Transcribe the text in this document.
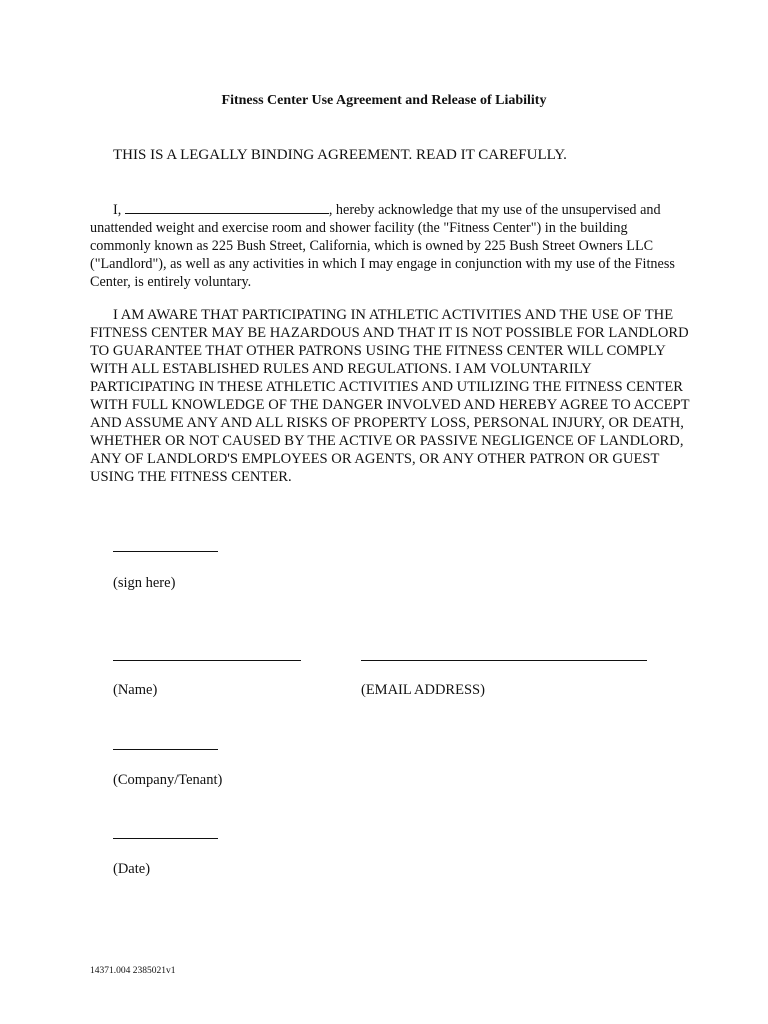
Fitness Center Use Agreement and Release of Liability
THIS IS A LEGALLY BINDING AGREEMENT. READ IT CAREFULLY.

I,	, hereby acknowledge that my use of the unsupervised and unattended weight and exercise room and shower facility (the "Fitness Center") in the building commonly known as 225 Bush Street, California, which is owned by 225 Bush Street Owners LLC ("Landlord"), as well as any activities in which I may engage in conjunction with my use of the Fitness Center, is entirely voluntary.

I AM AWARE THAT PARTICIPATING IN ATHLETIC ACTIVITIES AND THE USE OF THE FITNESS CENTER MAY BE HAZARDOUS AND THAT IT IS NOT POSSIBLE FOR LANDLORD TO GUARANTEE THAT OTHER PATRONS USING THE FITNESS CENTER WILL COMPLY WITH ALL ESTABLISHED RULES AND REGULATIONS. I AM VOLUNTARILY PARTICIPATING IN THESE ATHLETIC ACTIVITIES AND UTILIZING THE FITNESS CENTER WITH FULL KNOWLEDGE OF THE DANGER INVOLVED AND HEREBY AGREE TO ACCEPT AND ASSUME ANY AND ALL RISKS OF PROPERTY LOSS, PERSONAL INJURY, OR DEATH, WHETHER OR NOT CAUSED BY THE ACTIVE OR PASSIVE NEGLIGENCE OF LANDLORD, ANY OF LANDLORD'S EMPLOYEES OR AGENTS, OR ANY OTHER PATRON OR GUEST USING THE FITNESS CENTER.

(sign here)
(Name)	(EMAIL ADDRESS)
(Company/Tenant)
(Date)
14371.004 2385021v1
